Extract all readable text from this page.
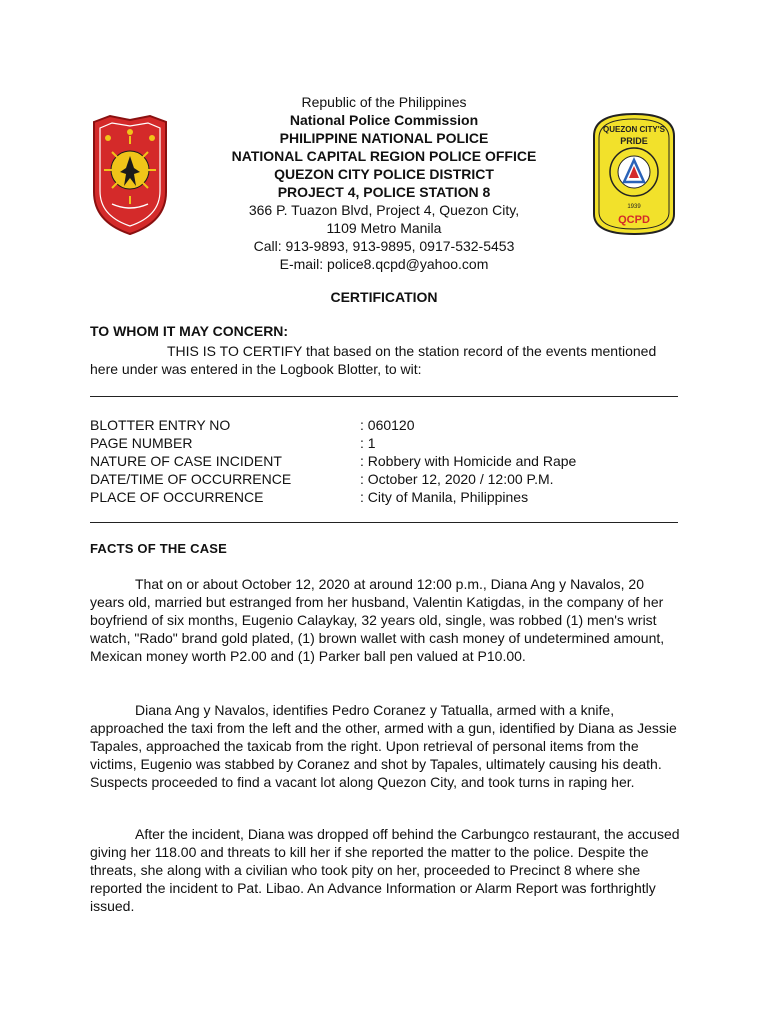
QCPD
QUEZON CITY'S
PRIDE
1939
Republic of the Philippines
National Police Commission
PHILIPPINE NATIONAL POLICE
NATIONAL CAPITAL REGION POLICE OFFICE
QUEZON CITY POLICE DISTRICT
PROJECT 4, POLICE STATION 8
366 P. Tuazon Blvd, Project 4, Quezon City,
1109 Metro Manila
Call: 913-9893, 913-9895, 0917-532-5453
E-mail: police8.qcpd@yahoo.com
CERTIFICATION
TO WHOM IT MAY CONCERN:
THIS IS TO CERTIFY that based on the station record of the events mentioned here under was entered in the Logbook Blotter, to wit:
BLOTTER ENTRY NO	: 060120
PAGE NUMBER	: 1
NATURE OF CASE INCIDENT	: Robbery with Homicide and Rape
DATE/TIME OF OCCURRENCE	: October 12, 2020 / 12:00 P.M.
PLACE OF OCCURRENCE	: City of Manila, Philippines
FACTS OF THE CASE
That on or about October 12, 2020 at around 12:00 p.m., Diana Ang y Navalos, 20 years old, married but estranged from her husband, Valentin Katigdas, in the company of her boyfriend of six months, Eugenio Calaykay, 32 years old, single, was robbed (1) men's wrist watch, "Rado" brand gold plated, (1) brown wallet with cash money of undetermined amount, Mexican money worth P2.00 and (1) Parker ball pen valued at P10.00.
Diana Ang y Navalos, identifies Pedro Coranez y Tatualla, armed with a knife, approached the taxi from the left and the other, armed with a gun, identified by Diana as Jessie Tapales, approached the taxicab from the right. Upon retrieval of personal items from the victims, Eugenio was stabbed by Coranez and shot by Tapales, ultimately causing his death. Suspects proceeded to find a vacant lot along Quezon City, and took turns in raping her.
After the incident, Diana was dropped off behind the Carbungco restaurant, the accused giving her 118.00 and threats to kill her if she reported the matter to the police. Despite the threats, she along with a civilian who took pity on her, proceeded to Precinct 8 where she reported the incident to Pat. Libao. An Advance Information or Alarm Report was forthrightly issued.
